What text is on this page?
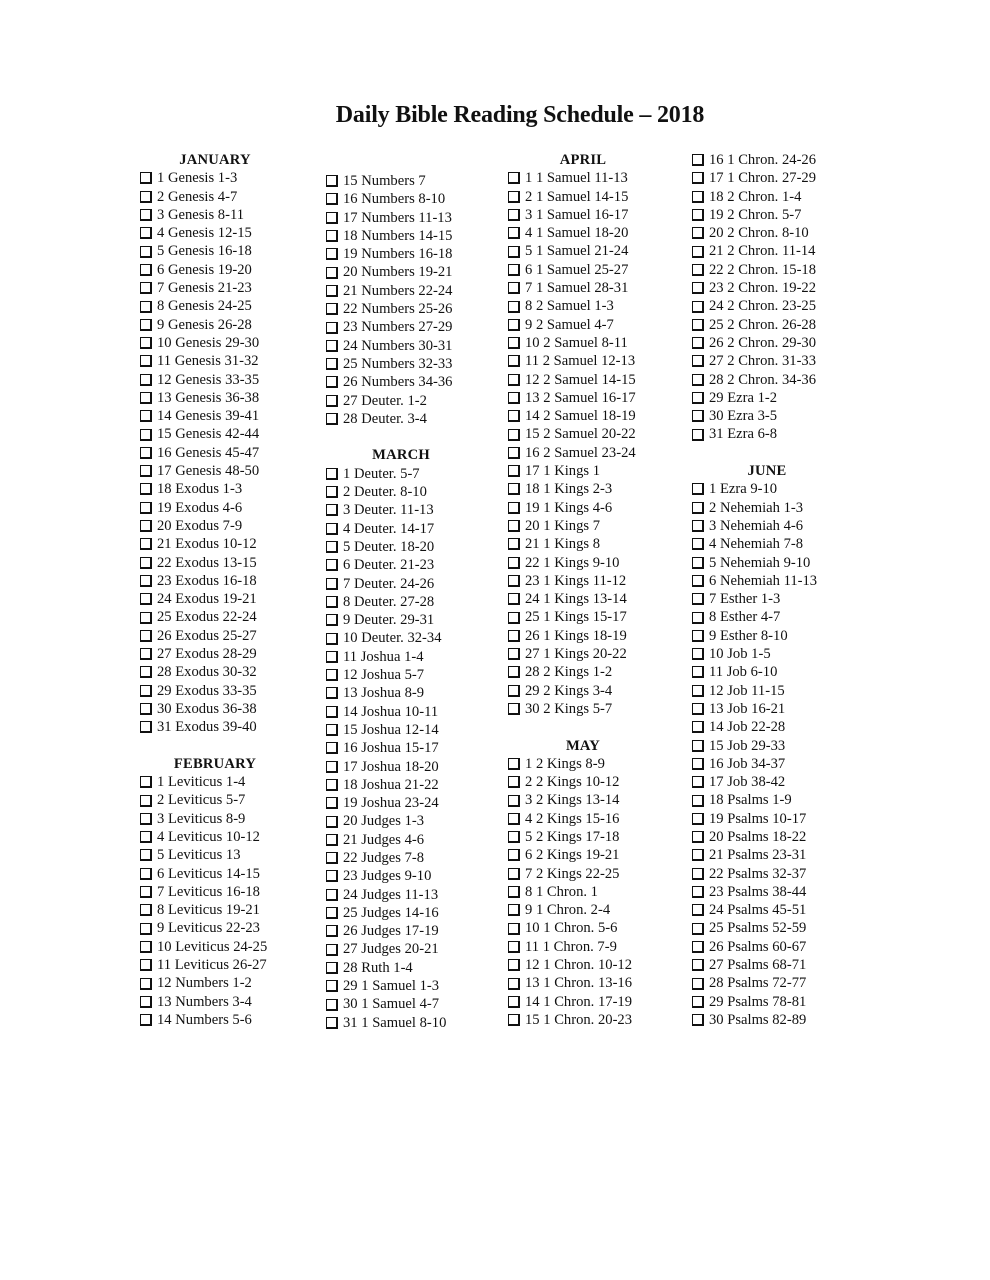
Daily Bible Reading Schedule – 2018
JANUARY
1 Genesis 1-3
2 Genesis 4-7
3 Genesis 8-11
4 Genesis 12-15
5 Genesis 16-18
6 Genesis 19-20
7 Genesis 21-23
8 Genesis 24-25
9 Genesis 26-28
10 Genesis 29-30
11 Genesis 31-32
12 Genesis 33-35
13 Genesis 36-38
14 Genesis 39-41
15 Genesis 42-44
16 Genesis 45-47
17 Genesis 48-50
18 Exodus 1-3
19 Exodus 4-6
20 Exodus 7-9
21 Exodus 10-12
22 Exodus 13-15
23 Exodus 16-18
24 Exodus 19-21
25 Exodus 22-24
26 Exodus 25-27
27 Exodus 28-29
28 Exodus 30-32
29 Exodus 33-35
30 Exodus 36-38
31 Exodus 39-40
FEBRUARY
1 Leviticus 1-4
2 Leviticus 5-7
3 Leviticus 8-9
4 Leviticus 10-12
5 Leviticus 13
6 Leviticus 14-15
7 Leviticus 16-18
8 Leviticus 19-21
9 Leviticus 22-23
10 Leviticus 24-25
11 Leviticus 26-27
12 Numbers 1-2
13 Numbers 3-4
14 Numbers 5-6
15 Numbers 7
16 Numbers 8-10
17 Numbers 11-13
18 Numbers 14-15
19 Numbers 16-18
20 Numbers 19-21
21 Numbers 22-24
22 Numbers 25-26
23 Numbers 27-29
24 Numbers 30-31
25 Numbers 32-33
26 Numbers 34-36
27 Deuter. 1-2
28 Deuter. 3-4
MARCH
1 Deuter. 5-7
2 Deuter. 8-10
3 Deuter. 11-13
4 Deuter. 14-17
5 Deuter. 18-20
6 Deuter. 21-23
7 Deuter. 24-26
8 Deuter. 27-28
9 Deuter. 29-31
10 Deuter. 32-34
11 Joshua 1-4
12 Joshua 5-7
13 Joshua 8-9
14 Joshua 10-11
15 Joshua 12-14
16 Joshua 15-17
17 Joshua 18-20
18 Joshua 21-22
19 Joshua 23-24
20 Judges 1-3
21 Judges 4-6
22 Judges 7-8
23 Judges 9-10
24 Judges 11-13
25 Judges 14-16
26 Judges 17-19
27 Judges 20-21
28 Ruth 1-4
29 1 Samuel 1-3
30 1 Samuel 4-7
31 1 Samuel 8-10
APRIL
1 1 Samuel 11-13
2 1 Samuel 14-15
3 1 Samuel 16-17
4 1 Samuel 18-20
5 1 Samuel 21-24
6 1 Samuel 25-27
7 1 Samuel 28-31
8 2 Samuel 1-3
9 2 Samuel 4-7
10 2 Samuel 8-11
11 2 Samuel 12-13
12 2 Samuel 14-15
13 2 Samuel 16-17
14 2 Samuel 18-19
15 2 Samuel 20-22
16 2 Samuel 23-24
17 1 Kings 1
18 1 Kings 2-3
19 1 Kings 4-6
20 1 Kings 7
21 1 Kings 8
22 1 Kings 9-10
23 1 Kings 11-12
24 1 Kings 13-14
25 1 Kings 15-17
26 1 Kings 18-19
27 1 Kings 20-22
28 2 Kings 1-2
29 2 Kings 3-4
30 2 Kings 5-7
MAY
1 2 Kings 8-9
2 2 Kings 10-12
3 2 Kings 13-14
4 2 Kings 15-16
5 2 Kings 17-18
6 2 Kings 19-21
7 2 Kings 22-25
8 1 Chron. 1
9 1 Chron. 2-4
10 1 Chron. 5-6
11 1 Chron. 7-9
12 1 Chron. 10-12
13 1 Chron. 13-16
14 1 Chron. 17-19
15 1 Chron. 20-23
16 1 Chron. 24-26
17 1 Chron. 27-29
18 2 Chron. 1-4
19 2 Chron. 5-7
20 2 Chron. 8-10
21 2 Chron. 11-14
22 2 Chron. 15-18
23 2 Chron. 19-22
24 2 Chron. 23-25
25 2 Chron. 26-28
26 2 Chron. 29-30
27 2 Chron. 31-33
28 2 Chron. 34-36
29 Ezra 1-2
30 Ezra 3-5
31 Ezra 6-8
JUNE
1 Ezra 9-10
2 Nehemiah 1-3
3 Nehemiah 4-6
4 Nehemiah 7-8
5 Nehemiah 9-10
6 Nehemiah 11-13
7 Esther 1-3
8 Esther 4-7
9 Esther 8-10
10 Job 1-5
11 Job 6-10
12 Job 11-15
13 Job 16-21
14 Job 22-28
15 Job 29-33
16 Job 34-37
17 Job 38-42
18 Psalms 1-9
19 Psalms 10-17
20 Psalms 18-22
21 Psalms 23-31
22 Psalms 32-37
23 Psalms 38-44
24 Psalms 45-51
25 Psalms 52-59
26 Psalms 60-67
27 Psalms 68-71
28 Psalms 72-77
29 Psalms 78-81
30 Psalms 82-89
